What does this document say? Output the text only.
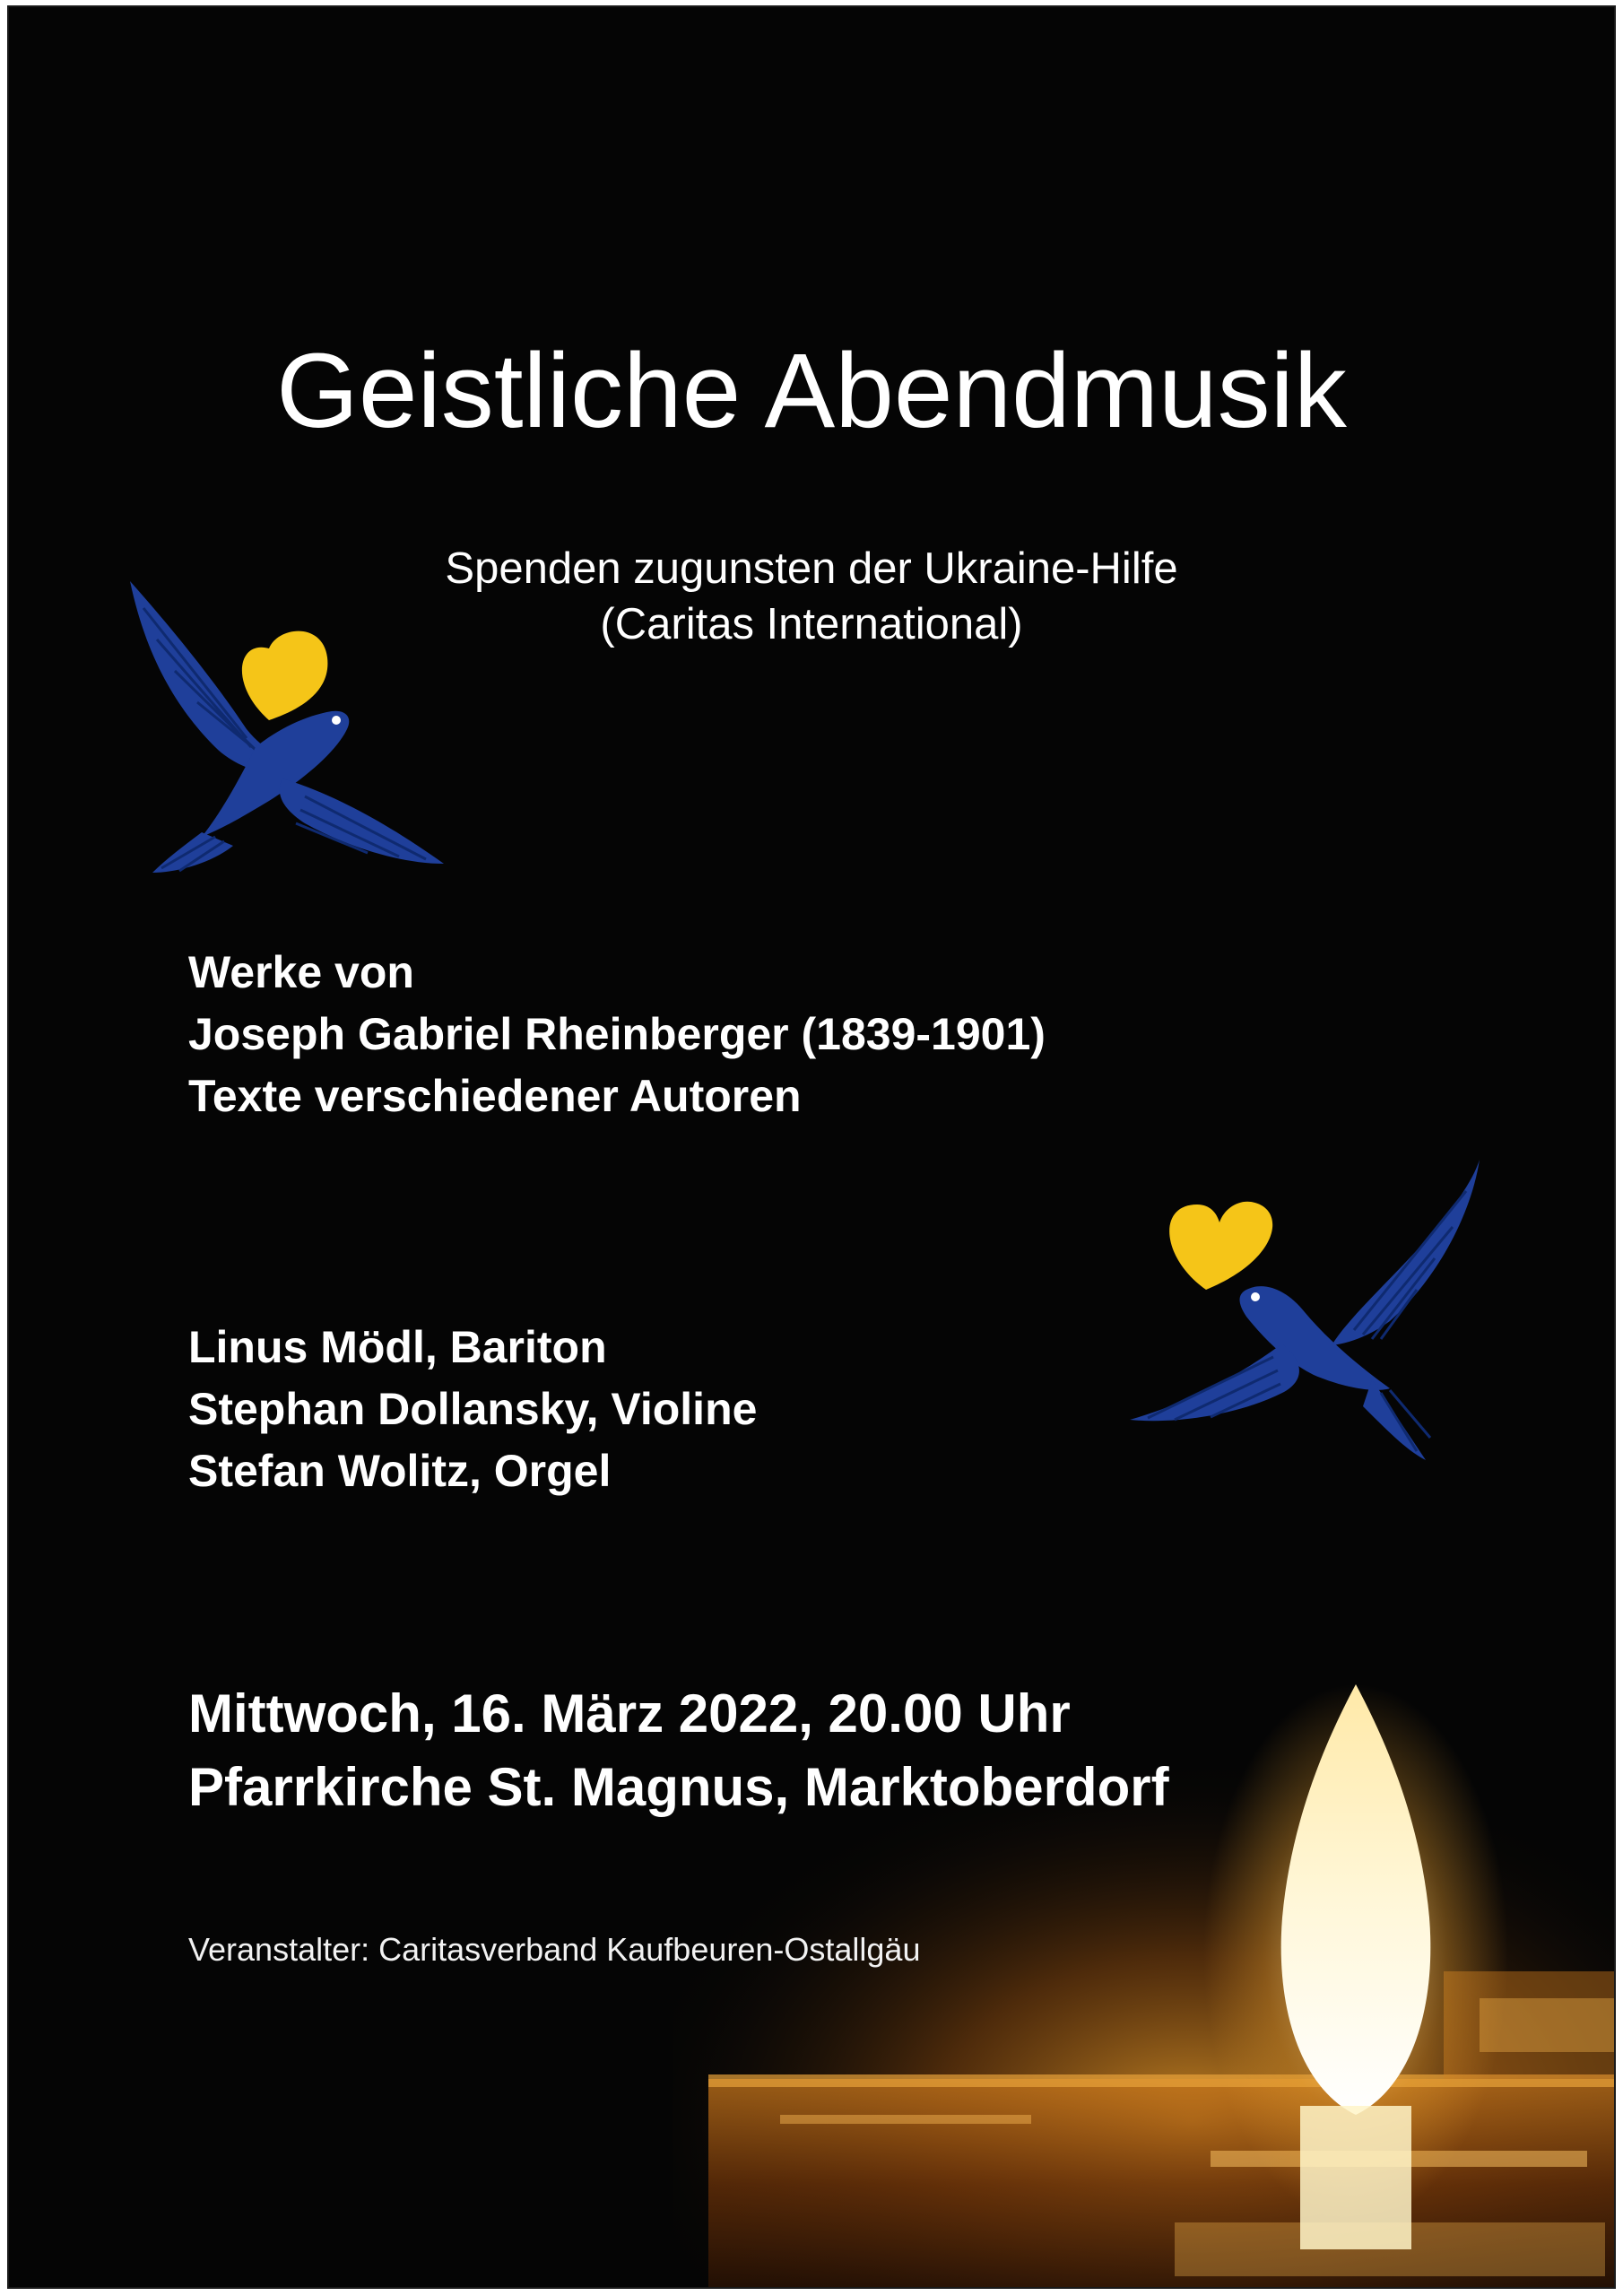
Geistliche Abendmusik

Spenden zugunsten der Ukraine-Hilfe

(Caritas International)

Werke von
Joseph Gabriel Rheinberger (1839-1901)
Texte verschiedener Autoren
Linus Mödl, Bariton
Stephan Dollansky, Violine
Stefan Wolitz, Orgel
Mittwoch, 16. März 2022, 20.00 Uhr
Pfarrkirche St. Magnus, Marktoberdorf

Veranstalter: Caritasverband Kaufbeuren-Ostallgäu
